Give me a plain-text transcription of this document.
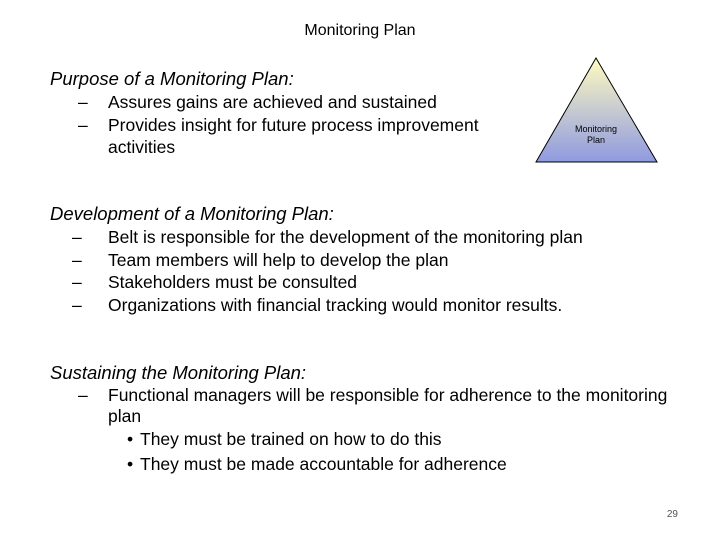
Monitoring Plan
Purpose of a Monitoring Plan:
– Assures gains are achieved and sustained
– Provides insight for future process improvement activities
Monitoring
Plan
Development of a Monitoring Plan:
– Belt is responsible for the development of the monitoring plan
– Team members will help to develop the plan
– Stakeholders must be consulted
– Organizations with financial tracking would monitor results.
Sustaining the Monitoring Plan:
– Functional managers will be responsible for adherence to the monitoring plan
• They must be trained on how to do this
• They must be made accountable for adherence
29
